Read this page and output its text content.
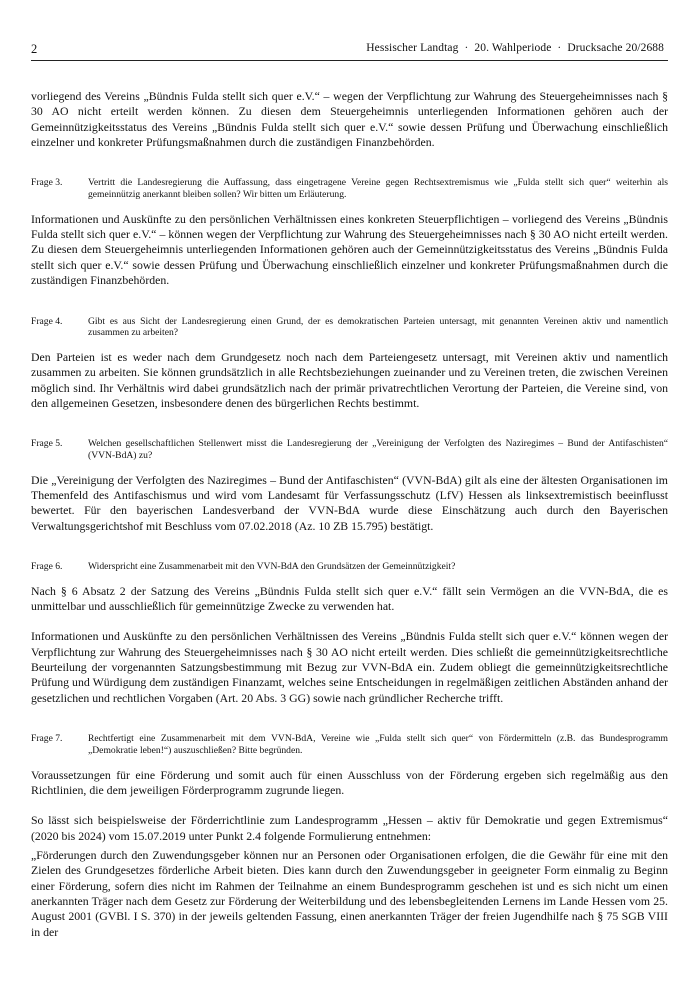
2	Hessischer Landtag · 20. Wahlperiode · Drucksache 20/2688

vorliegend des Vereins „Bündnis Fulda stellt sich quer e.V.“ – wegen der Verpflichtung zur Wahrung des Steuergeheimnisses nach § 30 AO nicht erteilt werden können. Zu diesen dem Steuergeheimnis unterliegenden Informationen gehören auch der Gemeinnützigkeitsstatus des Vereins „Bündnis Fulda stellt sich quer e.V.“ sowie dessen Prüfung und Überwachung einschließlich einzelner und konkreter Prüfungsmaßnahmen durch die zuständigen Finanzbehörden.

Frage 3.	Vertritt die Landesregierung die Auffassung, dass eingetragene Vereine gegen Rechtsextremismus wie „Fulda stellt sich quer“ weiterhin als gemeinnützig anerkannt bleiben sollen? Wir bitten um Erläuterung.

Informationen und Auskünfte zu den persönlichen Verhältnissen eines konkreten Steuerpflichtigen – vorliegend des Vereins „Bündnis Fulda stellt sich quer e.V.“ – können wegen der Verpflichtung zur Wahrung des Steuergeheimnisses nach § 30 AO nicht erteilt werden. Zu diesen dem Steuergeheimnis unterliegenden Informationen gehören auch der Gemeinnützigkeitsstatus des Vereins „Bündnis Fulda stellt sich quer e.V.“ sowie dessen Prüfung und Überwachung einschließlich einzelner und konkreter Prüfungsmaßnahmen durch die zuständigen Finanzbehörden.

Frage 4.	Gibt es aus Sicht der Landesregierung einen Grund, der es demokratischen Parteien untersagt, mit genannten Vereinen aktiv und namentlich zusammen zu arbeiten?

Den Parteien ist es weder nach dem Grundgesetz noch nach dem Parteiengesetz untersagt, mit Vereinen aktiv und namentlich zusammen zu arbeiten. Sie können grundsätzlich in alle Rechtsbeziehungen zueinander und zu Vereinen treten, die zwischen Vereinen möglich sind. Ihr Verhältnis wird dabei grundsätzlich nach der primär privatrechtlichen Verortung der Parteien, die Vereine sind, von den allgemeinen Gesetzen, insbesondere denen des bürgerlichen Rechts bestimmt.

Frage 5.	Welchen gesellschaftlichen Stellenwert misst die Landesregierung der „Vereinigung der Verfolgten des Naziregimes – Bund der Antifaschisten“ (VVN-BdA) zu?

Die „Vereinigung der Verfolgten des Naziregimes – Bund der Antifaschisten“ (VVN-BdA) gilt als eine der ältesten Organisationen im Themenfeld des Antifaschismus und wird vom Landesamt für Verfassungsschutz (LfV) Hessen als linksextremistisch beeinflusst bewertet. Für den bayerischen Landesverband der VVN-BdA wurde diese Einschätzung auch durch den Bayerischen Verwaltungsgerichtshof mit Beschluss vom 07.02.2018 (Az. 10 ZB 15.795) bestätigt.

Frage 6.	Widerspricht eine Zusammenarbeit mit den VVN-BdA den Grundsätzen der Gemeinnützigkeit?

Nach § 6 Absatz 2 der Satzung des Vereins „Bündnis Fulda stellt sich quer e.V.“ fällt sein Vermögen an die VVN-BdA, die es unmittelbar und ausschließlich für gemeinnützige Zwecke zu verwenden hat.

Informationen und Auskünfte zu den persönlichen Verhältnissen des Vereins „Bündnis Fulda stellt sich quer e.V.“ können wegen der Verpflichtung zur Wahrung des Steuergeheimnisses nach § 30 AO nicht erteilt werden. Dies schließt die gemeinnützigkeitsrechtliche Beurteilung der vorgenannten Satzungsbestimmung mit Bezug zur VVN-BdA ein. Zudem obliegt die gemeinnützigkeitsrechtliche Prüfung und Würdigung dem zuständigen Finanzamt, welches seine Entscheidungen in regelmäßigen zeitlichen Abständen anhand der gesetzlichen und rechtlichen Vorgaben (Art. 20 Abs. 3 GG) sowie nach gründlicher Recherche trifft.

Frage 7.	Rechtfertigt eine Zusammenarbeit mit dem VVN-BdA, Vereine wie „Fulda stellt sich quer“ von Fördermitteln (z.B. das Bundesprogramm „Demokratie leben!“) auszuschließen? Bitte begründen.

Voraussetzungen für eine Förderung und somit auch für einen Ausschluss von der Förderung ergeben sich regelmäßig aus den Richtlinien, die dem jeweiligen Förderprogramm zugrunde liegen.

So lässt sich beispielsweise der Förderrichtlinie zum Landesprogramm „Hessen – aktiv für Demokratie und gegen Extremismus“ (2020 bis 2024) vom 15.07.2019 unter Punkt 2.4 folgende Formulierung entnehmen:

„Förderungen durch den Zuwendungsgeber können nur an Personen oder Organisationen erfolgen, die die Gewähr für eine mit den Zielen des Grundgesetzes förderliche Arbeit bieten. Dies kann durch den Zuwendungsgeber in geeigneter Form einmalig zu Beginn einer Förderung, sofern dies nicht im Rahmen der Teilnahme an einem Bundesprogramm geschehen ist und es sich nicht um einen anerkannten Träger nach dem Gesetz zur Förderung der Weiterbildung und des lebensbegleitenden Lernens im Lande Hessen vom 25. August 2001 (GVBl. I S. 370) in der jeweils geltenden Fassung, einen anerkannten Träger der freien Jugendhilfe nach § 75 SGB VIII in der
